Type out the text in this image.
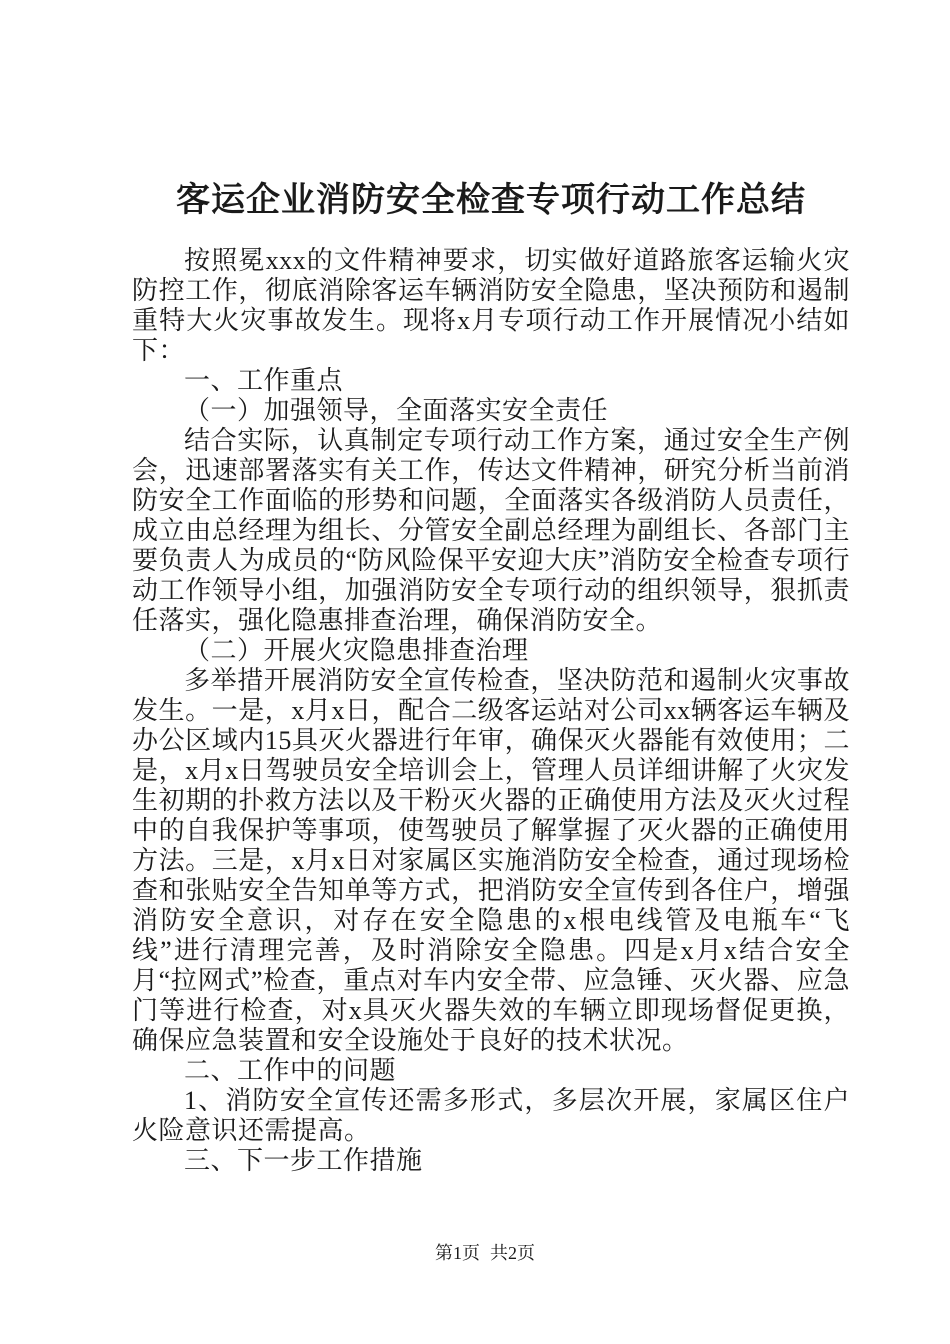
客运企业消防安全检查专项行动工作总结

按照冕xxx的文件精神要求，切实做好道路旅客运输火灾防控工作，彻底消除客运车辆消防安全隐患，坚决预防和遏制重特大火灾事故发生。现将x月专项行动工作开展情况小结如下：

一、工作重点

（一）加强领导，全面落实安全责任

结合实际，认真制定专项行动工作方案，通过安全生产例会，迅速部署落实有关工作，传达文件精神，研究分析当前消防安全工作面临的形势和问题，全面落实各级消防人员责任，成立由总经理为组长、分管安全副总经理为副组长、各部门主要负责人为成员的“防风险保平安迎大庆”消防安全检查专项行动工作领导小组，加强消防安全专项行动的组织领导，狠抓责任落实，强化隐惠排查治理，确保消防安全。

（二）开展火灾隐患排查治理

多举措开展消防安全宣传检查，坚决防范和遏制火灾事故发生。一是，x月x日，配合二级客运站对公司xx辆客运车辆及办公区域内15具灭火器进行年审，确保灭火器能有效使用；二是，x月x日驾驶员安全培训会上，管理人员详细讲解了火灾发生初期的扑救方法以及干粉灭火器的正确使用方法及灭火过程中的自我保护等事项，使驾驶员了解掌握了灭火器的正确使用方法。三是，x月x日对家属区实施消防安全检查，通过现场检查和张贴安全告知单等方式，把消防安全宣传到各住户，增强消防安全意识，对存在安全隐患的x根电线管及电瓶车“飞线”进行清理完善，及时消除安全隐患。四是x月x结合安全月“拉网式”检查，重点对车内安全带、应急锤、灭火器、应急门等进行检查，对x具灭火器失效的车辆立即现场督促更换，确保应急装置和安全设施处于良好的技术状况。

二、工作中的问题

1、消防安全宣传还需多形式，多层次开展，家属区住户火险意识还需提高。

三、下一步工作措施

第1页 共2页
